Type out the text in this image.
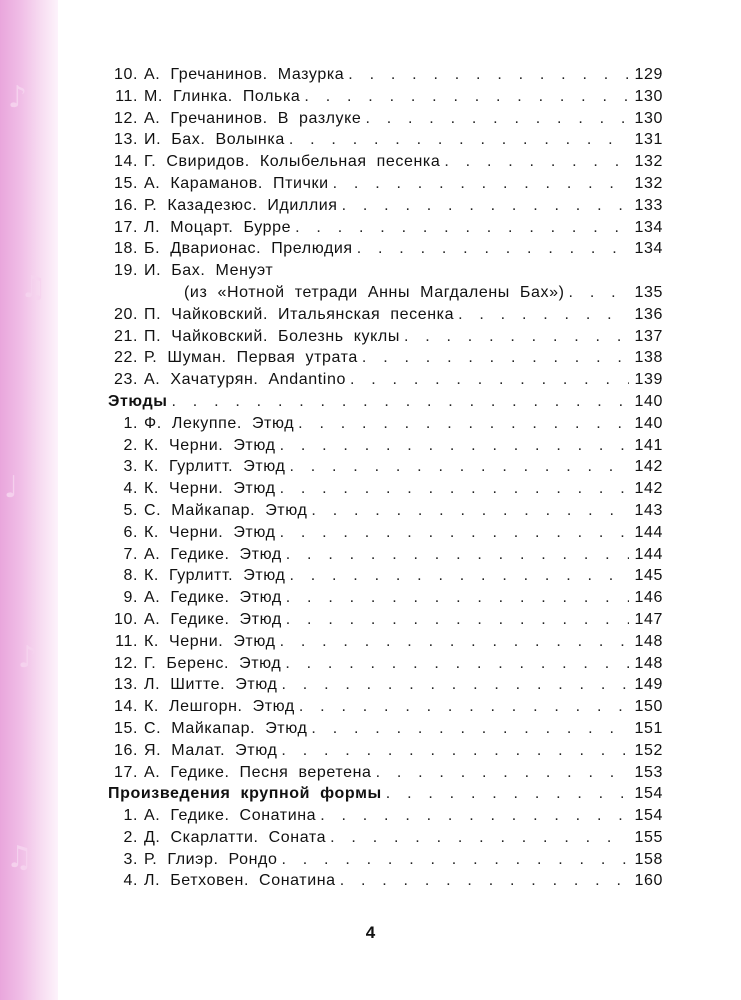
♪
♫
♩
♪
♫
10. А. Гречанинов. Мазурка . . .	129
11. М. Глинка. Полька . . .	130
12. А. Гречанинов. В разлуке . . .	130
13. И. Бах. Волынка . . .	131
14. Г. Свиридов. Колыбельная песенка . . .	132
15. А. Караманов. Птички . . .	132
16. Р. Казадезюс. Идиллия . . .	133
17. Л. Моцарт. Бурре . . .	134
18. Б. Дварионас. Прелюдия . . .	134
19. И. Бах. Менуэт
(из «Нотной тетради Анны Магдалены Бах») . . .	135
20. П. Чайковский. Итальянская песенка . . .	136
21. П. Чайковский. Болезнь куклы . . .	137
22. Р. Шуман. Первая утрата . . .	138
23. А. Хачатурян. Andantino . . .	139
Этюды . . .	140
1. Ф. Лекуппе. Этюд . . .	140
2. К. Черни. Этюд . . .	141
3. К. Гурлитт. Этюд . . .	142
4. К. Черни. Этюд . . .	142
5. С. Майкапар. Этюд . . .	143
6. К. Черни. Этюд . . .	144
7. А. Гедике. Этюд . . .	144
8. К. Гурлитт. Этюд . . .	145
9. А. Гедике. Этюд . . .	146
10. А. Гедике. Этюд . . .	147
11. К. Черни. Этюд . . .	148
12. Г. Беренс. Этюд . . .	148
13. Л. Шитте. Этюд . . .	149
14. К. Лешгорн. Этюд . . .	150
15. С. Майкапар. Этюд . . .	151
16. Я. Малат. Этюд . . .	152
17. А. Гедике. Песня веретена . . .	153
Произведения крупной формы . . .	154
1. А. Гедике. Сонатина . . .	154
2. Д. Скарлатти. Соната . . .	155
3. Р. Глиэр. Рондо . . .	158
4. Л. Бетховен. Сонатина . . .	160
4
